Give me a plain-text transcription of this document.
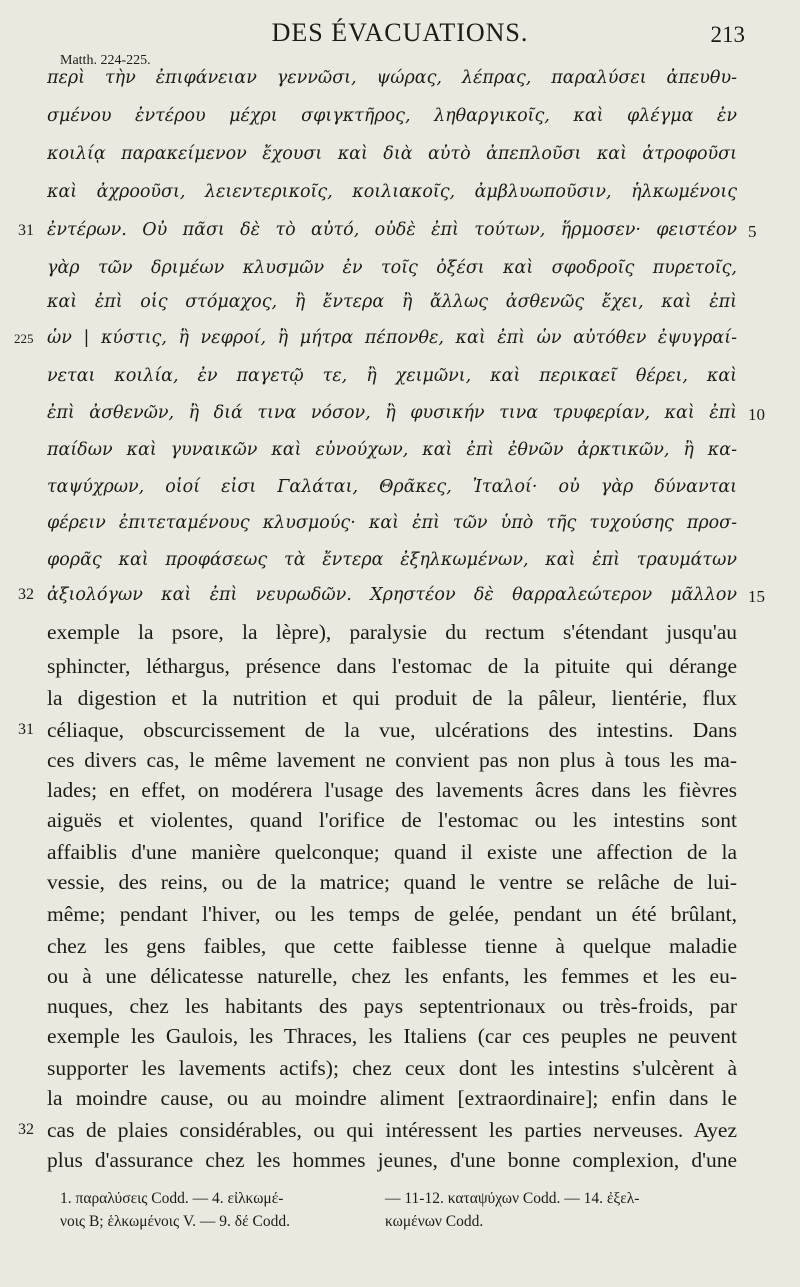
DES ÉVACUATIONS.	213
Matth. 224-225.
περὶ τὴν ἐπιφάνειαν γεννῶσι, ψώρας, λέπρας, παραλύσει ἀπευθυ-
σμένου ἐντέρου μέχρι σφιγκτῆρος, ληθαργικοῖς, καὶ φλέγμα ἐν
κοιλίᾳ παρακείμενον ἔχουσι καὶ διὰ αὐτὸ ἀπεπλοῦσι καὶ ἀτροφοῦσι
καὶ ἀχροοῦσι, λειεντερικοῖς, κοιλιακοῖς, ἀμβλυωποῦσιν, ἡλκωμένοις
ἐντέρων. Οὐ πᾶσι δὲ τὸ αὐτό, οὐδὲ ἐπὶ τούτων, ἥρμοσεν· φειστέον
γὰρ τῶν δριμέων κλυσμῶν ἐν τοῖς ὀξέσι καὶ σφοδροῖς πυρετοῖς,
καὶ ἐπὶ οἷς στόμαχος, ἢ ἔντερα ἢ ἄλλως ἀσθενῶς ἔχει, καὶ ἐπὶ
ὧν | κύστις, ἢ νεφροί, ἢ μήτρα πέπονθε, καὶ ἐπὶ ὧν αὐτόθεν ἐψυγραί-
νεται κοιλία, ἐν παγετῷ τε, ἢ χειμῶνι, καὶ περικαεῖ θέρει, καὶ
ἐπὶ ἀσθενῶν, ἢ διά τινα νόσον, ἢ φυσικήν τινα τρυφερίαν, καὶ ἐπὶ
παίδων καὶ γυναικῶν καὶ εὐνούχων, καὶ ἐπὶ ἐθνῶν ἀρκτικῶν, ἢ κα-
ταψύχρων, οἷοί εἰσι Γαλάται, Θρᾶκες, Ἰταλοί· οὐ γὰρ δύνανται
φέρειν ἐπιτεταμένους κλυσμούς· καὶ ἐπὶ τῶν ὑπὸ τῆς τυχούσης προσ-
φορᾶς καὶ προφάσεως τὰ ἔντερα ἐξηλκωμένων, καὶ ἐπὶ τραυμάτων
ἀξιολόγων καὶ ἐπὶ νευρωδῶν. Χρηστέον δὲ θαρραλεώτερον μᾶλλον
exemple la psore, la lèpre), paralysie du rectum s'étendant jusqu'au
sphincter, léthargus, présence dans l'estomac de la pituite qui dérange
la digestion et la nutrition et qui produit de la pâleur, lientérie, flux
céliaque, obscurcissement de la vue, ulcérations des intestins. Dans
ces divers cas, le même lavement ne convient pas non plus à tous les ma-
lades; en effet, on modérera l'usage des lavements âcres dans les fièvres
aiguës et violentes, quand l'orifice de l'estomac ou les intestins sont
affaiblis d'une manière quelconque; quand il existe une affection de la
vessie, des reins, ou de la matrice; quand le ventre se relâche de lui-
même; pendant l'hiver, ou les temps de gelée, pendant un été brûlant,
chez les gens faibles, que cette faiblesse tienne à quelque maladie
ou à une délicatesse naturelle, chez les enfants, les femmes et les eu-
nuques, chez les habitants des pays septentrionaux ou très-froids, par
exemple les Gaulois, les Thraces, les Italiens (car ces peuples ne peuvent
supporter les lavements actifs); chez ceux dont les intestins s'ulcèrent à
la moindre cause, ou au moindre aliment [extraordinaire]; enfin dans le
cas de plaies considérables, ou qui intéressent les parties nerveuses. Ayez
plus d'assurance chez les hommes jeunes, d'une bonne complexion, d'une
31
225
32
5
10
15
31
32
1. παραλύσεις Codd. — 4. εἰλκωμέ-
νοις B; ἑλκωμένοις V. — 9. δέ Codd.
— 11-12. καταψύχων Codd. — 14. ἐξελ-
κωμένων Codd.
